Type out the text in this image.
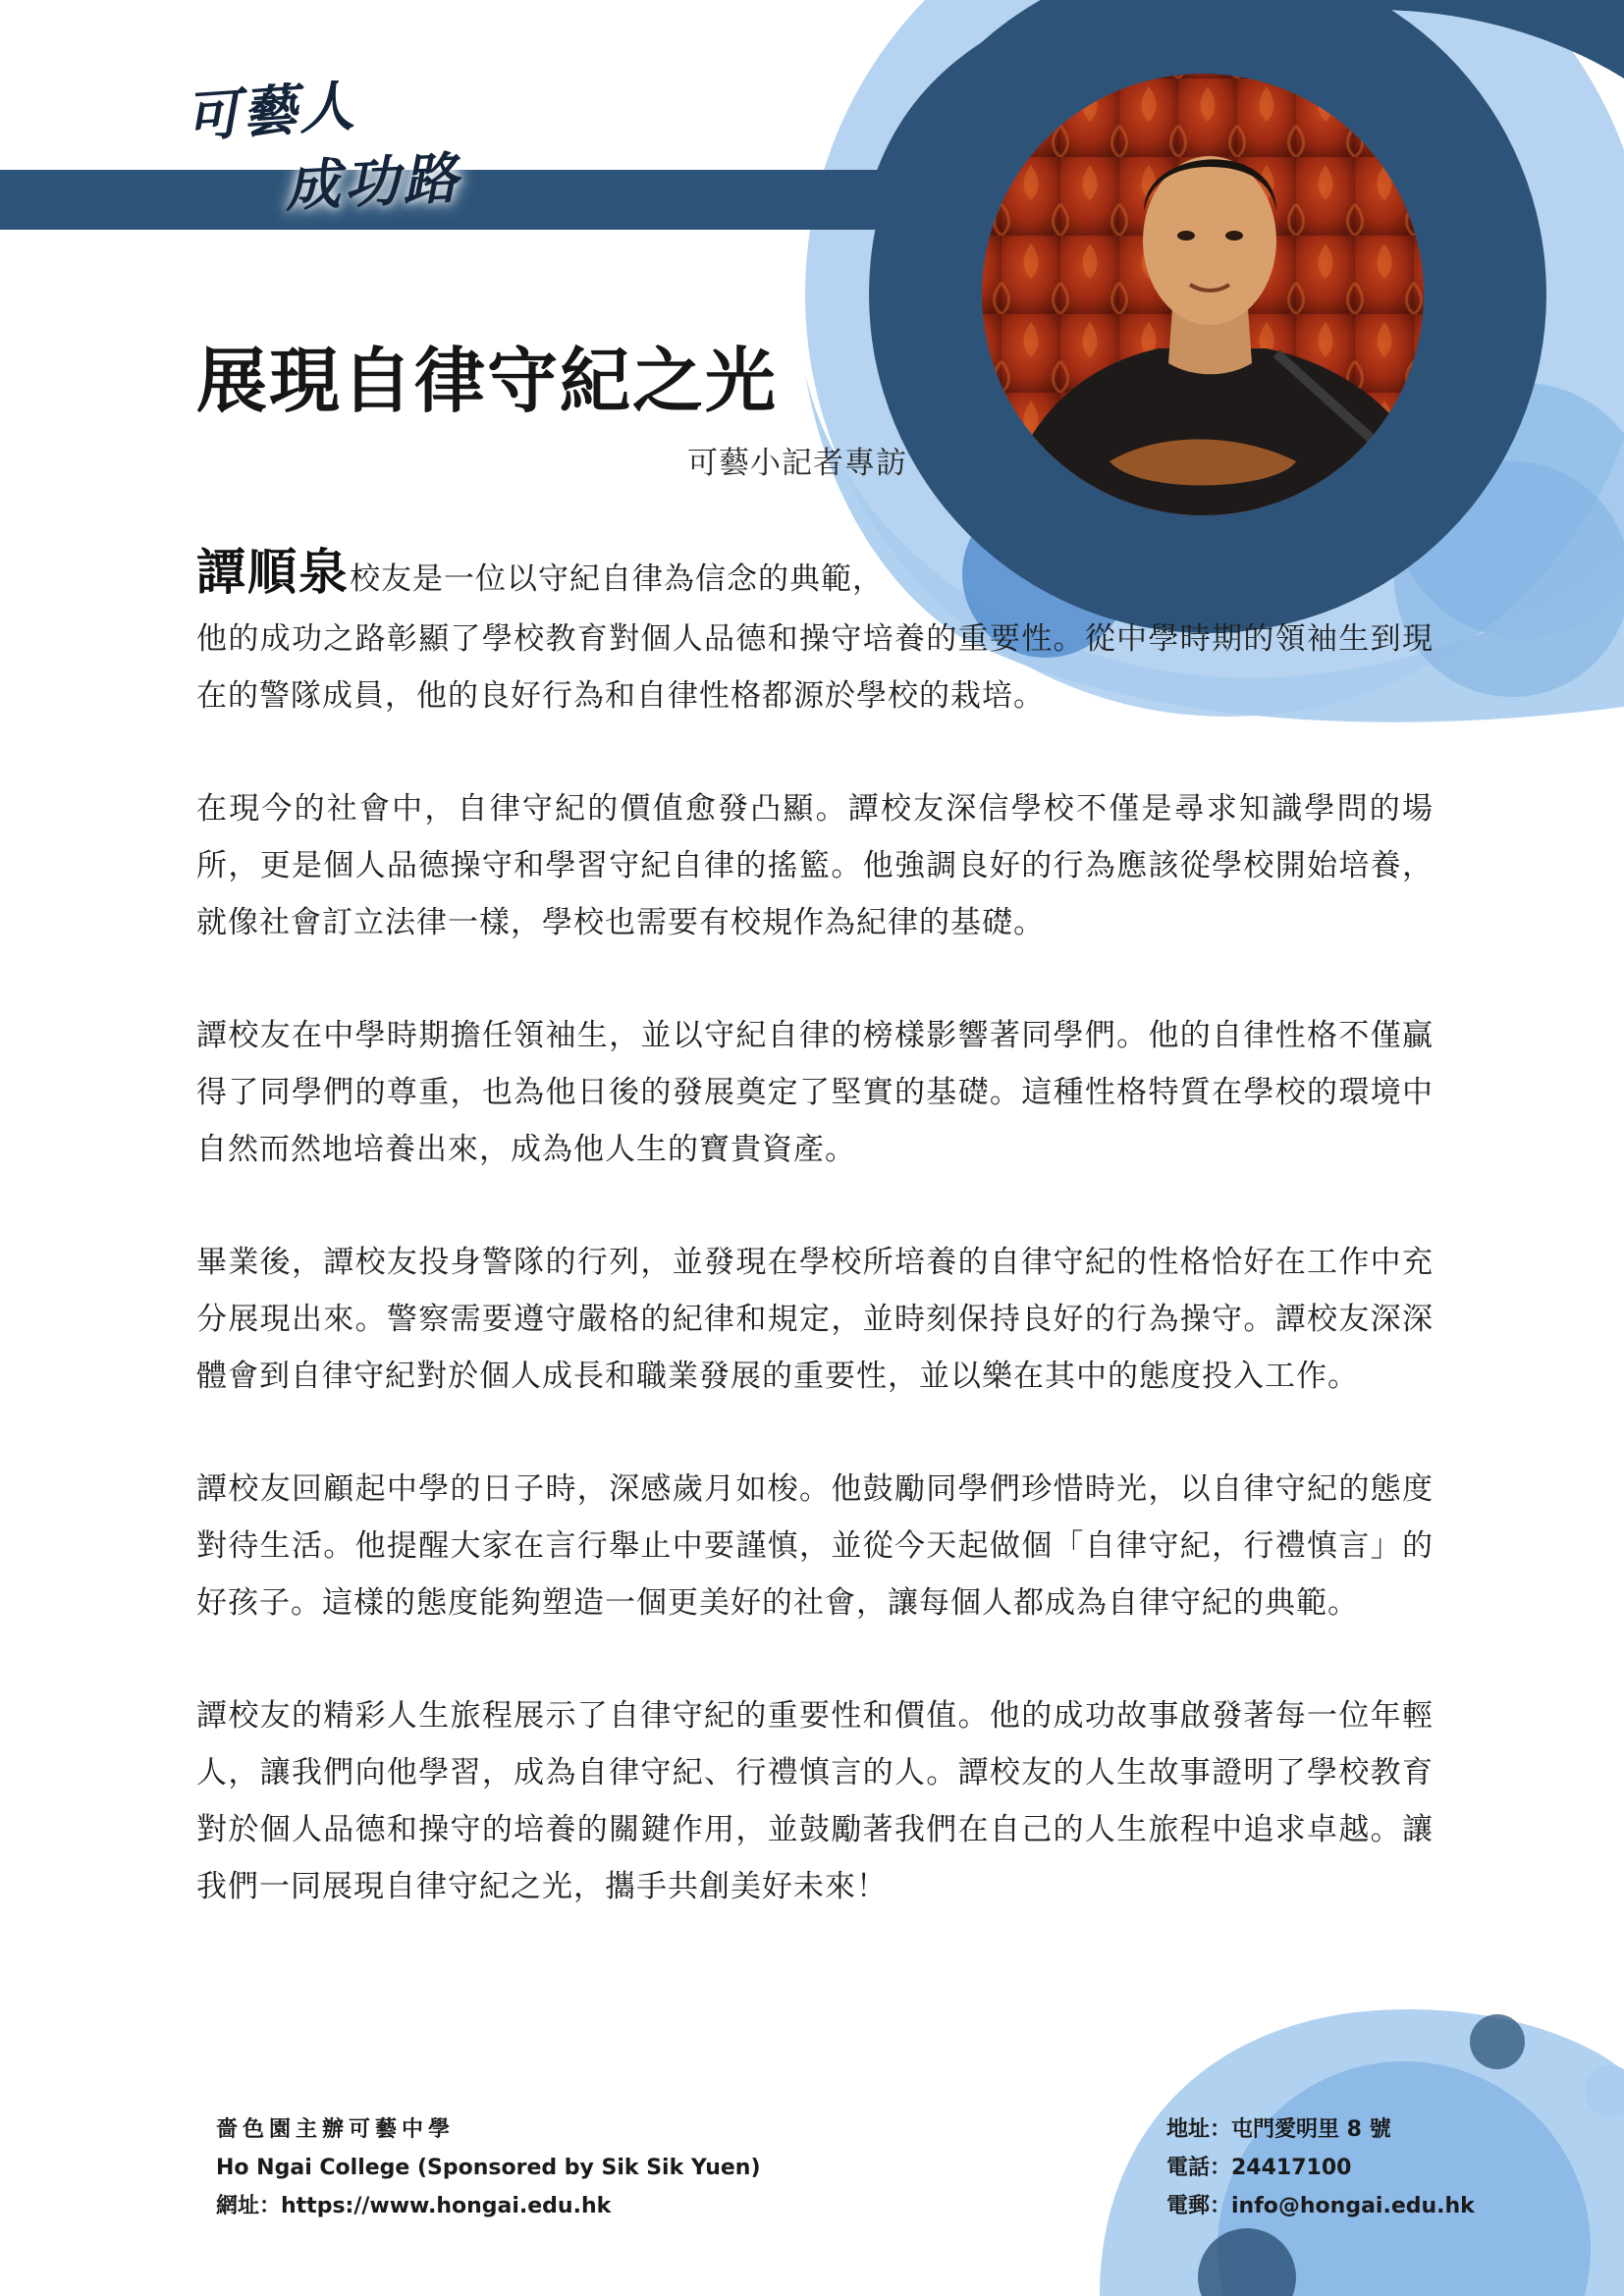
可藝人
成功路
展現自律守紀之光
可藝小記者專訪
譚順泉校友是一位以守紀自律為信念的典範，

他的成功之路彰顯了學校教育對個人品德和操守培養的重要性。從中學時期的領袖生到現在的警隊成員，他的良好行為和自律性格都源於學校的栽培。

在現今的社會中，自律守紀的價值愈發凸顯。譚校友深信學校不僅是尋求知識學問的場所，更是個人品德操守和學習守紀自律的搖籃。他強調良好的行為應該從學校開始培養，就像社會訂立法律一樣，學校也需要有校規作為紀律的基礎。

譚校友在中學時期擔任領袖生，並以守紀自律的榜樣影響著同學們。他的自律性格不僅贏得了同學們的尊重，也為他日後的發展奠定了堅實的基礎。這種性格特質在學校的環境中自然而然地培養出來，成為他人生的寶貴資產。

畢業後，譚校友投身警隊的行列，並發現在學校所培養的自律守紀的性格恰好在工作中充分展現出來。警察需要遵守嚴格的紀律和規定，並時刻保持良好的行為操守。譚校友深深體會到自律守紀對於個人成長和職業發展的重要性，並以樂在其中的態度投入工作。

譚校友回顧起中學的日子時，深感歲月如梭。他鼓勵同學們珍惜時光，以自律守紀的態度對待生活。他提醒大家在言行舉止中要謹慎，並從今天起做個「自律守紀，行禮慎言」的好孩子。這樣的態度能夠塑造一個更美好的社會，讓每個人都成為自律守紀的典範。

譚校友的精彩人生旅程展示了自律守紀的重要性和價值。他的成功故事啟發著每一位年輕人，讓我們向他學習，成為自律守紀、行禮慎言的人。譚校友的人生故事證明了學校教育對於個人品德和操守的培養的關鍵作用，並鼓勵著我們在自己的人生旅程中追求卓越。讓我們一同展現自律守紀之光，攜手共創美好未來！

嗇色園主辦可藝中學
Ho Ngai College (Sponsored by Sik Sik Yuen)
網址：https://www.hongai.edu.hk
地址：屯門愛明里 8 號
電話：24417100
電郵：info@hongai.edu.hk
